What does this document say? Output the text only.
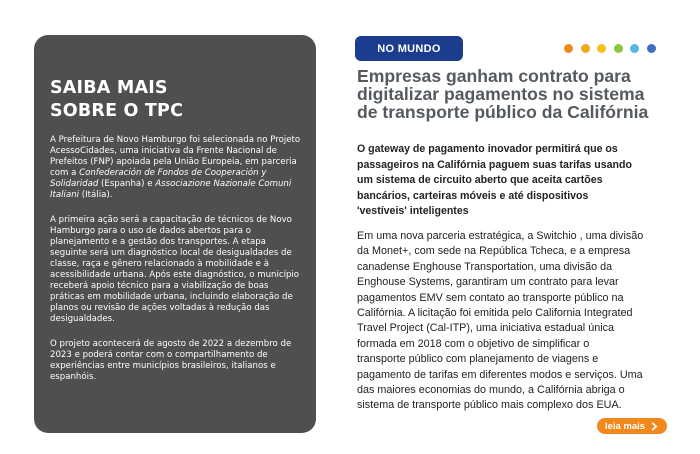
SAIBA MAIS
SOBRE O TPC

A Prefeitura de Novo Hamburgo foi selecionada no Projeto AcessoCidades, uma iniciativa da Frente Nacional de Prefeitos (FNP) apoiada pela União Europeia, em parceria com a Confederación de Fondos de Cooperación y Solidaridad (Espanha) e Associazione Nazionale Comuni Italiani (Itália).

A primeira ação será a capacitação de técnicos de Novo Hamburgo para o uso de dados abertos para o planejamento e a gestão dos transportes. A etapa seguinte será um diagnóstico local de desigualdades de classe, raça e gênero relacionado à mobilidade e à acessibilidade urbana. Após este diagnóstico, o município receberá apoio técnico para a viabilização de boas práticas em mobilidade urbana, incluindo elaboração de planos ou revisão de ações voltadas à redução das desigualdades.

O projeto acontecerá de agosto de 2022 a dezembro de 2023 e poderá contar com o compartilhamento de experiências entre municípios brasileiros, italianos e espanhóis.

NO MUNDO
Empresas ganham contrato para
digitalizar pagamentos no sistema
de transporte público da Califórnia

O gateway de pagamento inovador permitirá que os
passageiros na Califórnia paguem suas tarifas usando
um sistema de circuito aberto que aceita cartões
bancários, carteiras móveis e até dispositivos
'vestíveis' inteligentes

Em uma nova parceria estratégica, a Switchio , uma divisão
da Monet+, com sede na República Tcheca, e a empresa
canadense Enghouse Transportation, uma divisão da
Enghouse Systems, garantiram um contrato para levar
pagamentos EMV sem contato ao transporte público na
Califórnia. A licitação foi emitida pelo California Integrated
Travel Project (Cal-ITP), uma iniciativa estadual única
formada em 2018 com o objetivo de simplificar o
transporte público com planejamento de viagens e
pagamento de tarifas em diferentes modos e serviços. Uma
das maiores economias do mundo, a Califórnia abriga o
sistema de transporte público mais complexo dos EUA.

leia mais
